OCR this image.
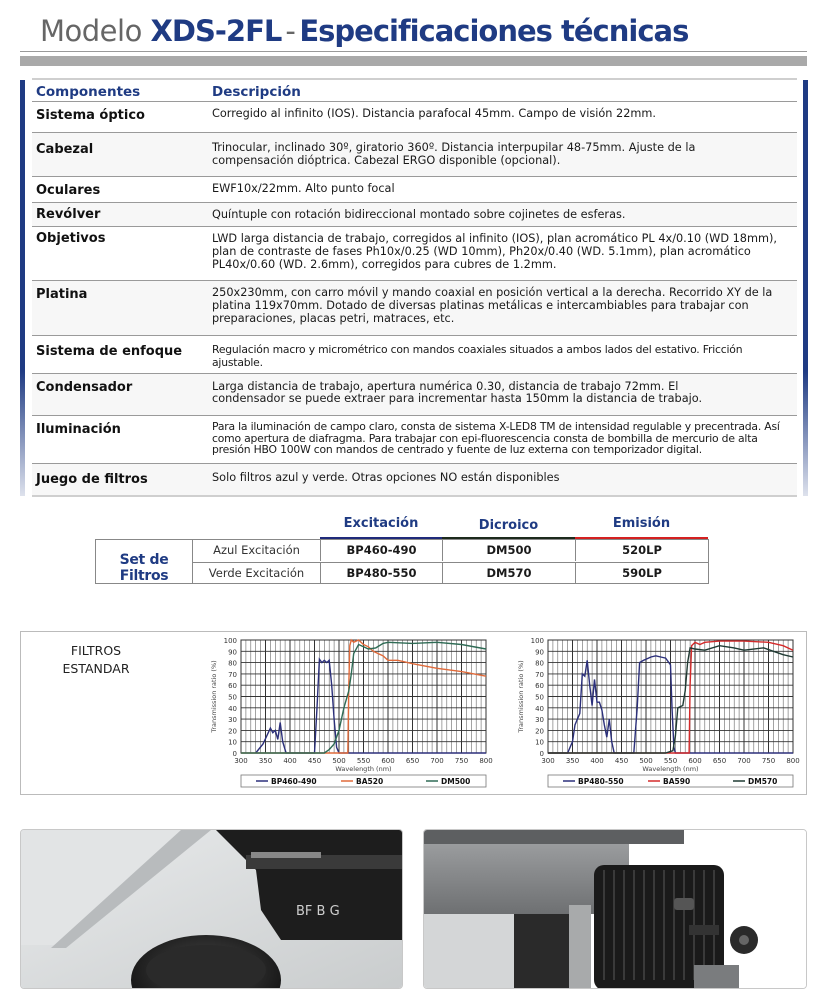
Modelo XDS-2FL - Especificaciones técnicas
Componentes	Descripción
Sistema óptico	Corregido al infinito (IOS). Distancia parafocal 45mm. Campo de visión 22mm.
Cabezal	Trinocular, inclinado 30º, giratorio 360º. Distancia interpupilar 48-75mm. Ajuste de la compensación dióptrica. Cabezal ERGO disponible (opcional).
Oculares	EWF10x/22mm. Alto punto focal
Revólver	Quíntuple con rotación bidireccional montado sobre cojinetes de esferas.
Objetivos	LWD larga distancia de trabajo, corregidos al infinito (IOS), plan acromático PL 4x/0.10 (WD 18mm), plan de contraste de fases Ph10x/0.25 (WD 10mm), Ph20x/0.40 (WD. 5.1mm), plan acromático PL40x/0.60 (WD. 2.6mm), corregidos para cubres de 1.2mm.
Platina	250x230mm, con carro móvil y mando coaxial en posición vertical a la derecha. Recorrido XY de la platina 119x70mm. Dotado de diversas platinas metálicas e intercambiables para trabajar con preparaciones, placas petri, matraces, etc.
Sistema de enfoque	Regulación macro y micrométrico con mandos coaxiales situados a ambos lados del estativo. Fricción ajustable.
Condensador	Larga distancia de trabajo, apertura numérica 0.30, distancia de trabajo 72mm. El condensador se puede extraer para incrementar hasta 150mm la distancia de trabajo.
Iluminación	Para la iluminación de campo claro, consta de sistema X-LED8 TM de intensidad regulable y precentrada. Así como apertura de diafragma. Para trabajar con epi-fluorescencia consta de bombilla de mercurio de alta presión HBO 100W con mandos de centrado y fuente de luz externa con temporizador digital.
Juego de filtros	Solo filtros azul y verde. Otras opciones NO están disponibles
Excitación	Dicroico	Emisión
Set de Filtros
Azul Excitación	BP460-490	DM500	520LP
Verde Excitación	BP480-550	DM570	590LP
FILTROS
ESTANDAR
0
10
20
30
40
50
60
70
80
90
100
300 350 400 450 500 550 600 650 700 750 800
Wavelength (nm)
Transmission ratio (%)
BP460-490	BA520	DM500
0
10
20
30
40
50
60
70
80
90
100
300 350 400 450 500 550 600 650 700 750 800
Wavelength (nm)
Transmission ratio (%)
BP480-550	BA590	DM570
BF B G
